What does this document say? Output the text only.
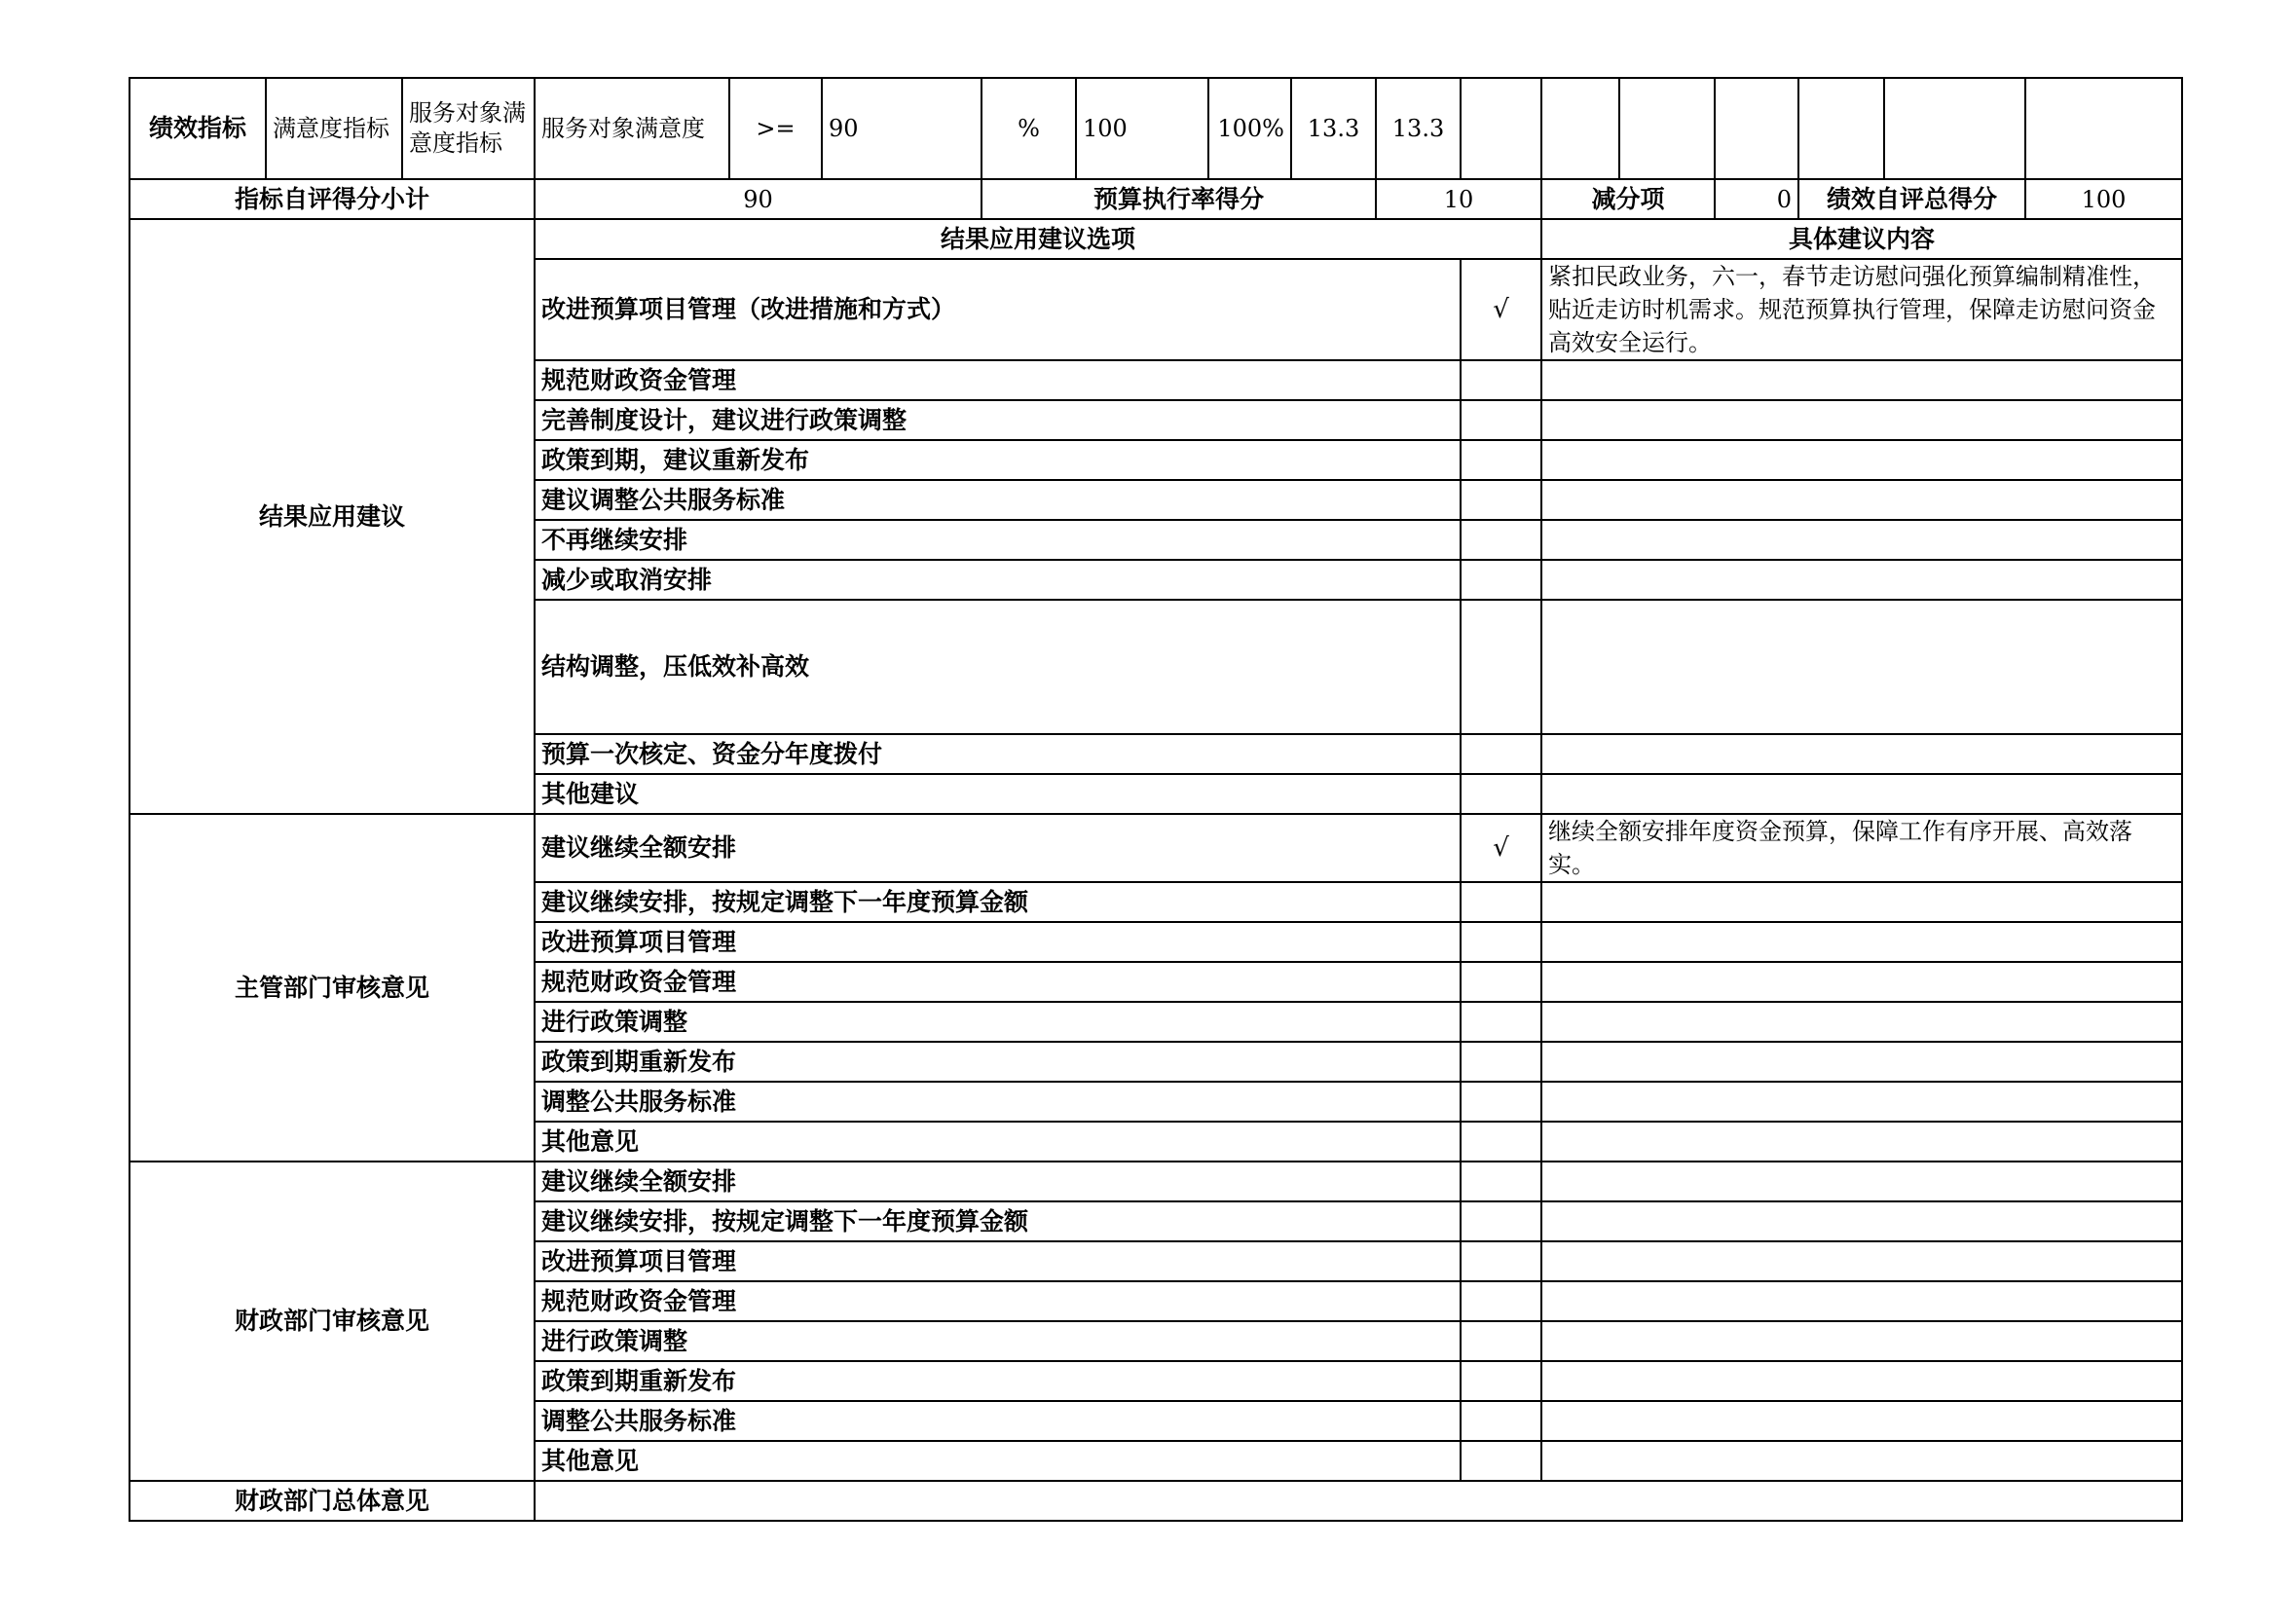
绩效指标	满意度指标	服务对象满意度指标	服务对象满意度	>=	90	%	100	100%	13.3	13.3							
指标自评得分小计			90			预算执行率得分				10		减分项		0	绩效自评总得分		100
结果应用建议			结果应用建议选项									具体建议内容					
			改进预算项目管理（改进措施和方式）								√	紧扣民政业务，六一，春节走访慰问强化预算编制精准性，贴近走访时机需求。规范预算执行管理，保障走访慰问资金高效安全运行。					
			规范财政资金管理														
			完善制度设计，建议进行政策调整														
			政策到期，建议重新发布														
			建议调整公共服务标准														
			不再继续安排														
			减少或取消安排														
			结构调整，压低效补高效														
			预算一次核定、资金分年度拨付														
			其他建议														
主管部门审核意见			建议继续全额安排								√	继续全额安排年度资金预算，保障工作有序开展、高效落实。					
			建议继续安排，按规定调整下一年度预算金额														
			改进预算项目管理														
			规范财政资金管理														
			进行政策调整														
			政策到期重新发布														
			调整公共服务标准														
			其他意见														
财政部门审核意见			建议继续全额安排														
			建议继续安排，按规定调整下一年度预算金额														
			改进预算项目管理														
			规范财政资金管理														
			进行政策调整														
			政策到期重新发布														
			调整公共服务标准														
			其他意见														
财政部门总体意见																	
